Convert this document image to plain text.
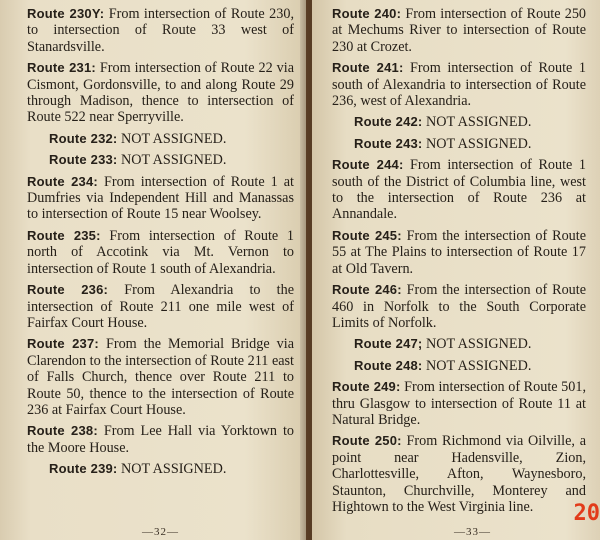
Route 230Y: From intersection of Route 230, to intersection of Route 33 west of Stanardsville.

Route 231: From intersection of Route 22 via Cismont, Gordonsville, to and along Route 29 through Madison, thence to intersection of Route 522 near Sperryville.

Route 232: NOT ASSIGNED.

Route 233: NOT ASSIGNED.

Route 234: From intersection of Route 1 at Dumfries via Independent Hill and Manassas to intersection of Route 15 near Woolsey.

Route 235: From intersection of Route 1 north of Accotink via Mt. Vernon to intersection of Route 1 south of Alexandria.

Route 236: From Alexandria to the intersection of Route 211 one mile west of Fairfax Court House.

Route 237: From the Memorial Bridge via Clarendon to the intersection of Route 211 east of Falls Church, thence over Route 211 to Route 50, thence to the intersection of Route 236 at Fairfax Court House.

Route 238: From Lee Hall via Yorktown to the Moore House.

Route 239: NOT ASSIGNED.

—32—

Route 240: From intersection of Route 250 at Mechums River to intersection of Route 230 at Crozet.

Route 241: From intersection of Route 1 south of Alexandria to intersection of Route 236, west of Alexandria.

Route 242: NOT ASSIGNED.

Route 243: NOT ASSIGNED.

Route 244: From intersection of Route 1 south of the District of Columbia line, west to the intersection of Route 236 at Annandale.

Route 245: From the intersection of Route 55 at The Plains to intersection of Route 17 at Old Tavern.

Route 246: From the intersection of Route 460 in Norfolk to the South Corporate Limits of Norfolk.

Route 247; NOT ASSIGNED.

Route 248: NOT ASSIGNED.

Route 249: From intersection of Route 501, thru Glasgow to intersection of Route 11 at Natural Bridge.

Route 250: From Richmond via Oilville, a point near Hadensville, Zion, Charlottesville, Afton, Waynesboro, Staunton, Churchville, Monterey and Hightown to the West Virginia line.

—33—
20
